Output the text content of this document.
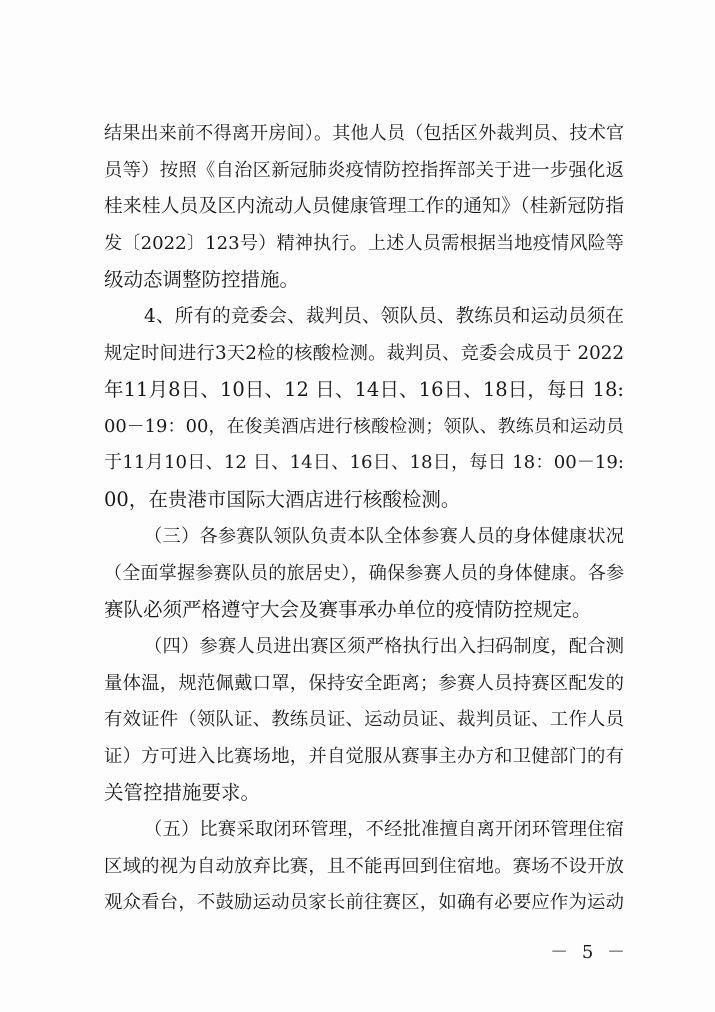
结果出来前不得离开房间）。其他人员（包括区外裁判员、技术官
员等）按照《自治区新冠肺炎疫情防控指挥部关于进一步强化返
桂来桂人员及区内流动人员健康管理工作的通知》（桂新冠防指
发〔2022〕123号）精神执行。上述人员需根据当地疫情风险等
级动态调整防控措施。
4、所有的竞委会、裁判员、领队员、教练员和运动员须在
规定时间进行3天2检的核酸检测。裁判员、竞委会成员于 2022
年11月8日、10日、12 日、14日、16日、18日，每日 18:
00－19：00，在俊美酒店进行核酸检测；领队、教练员和运动员
于11月10日、12 日、14日、16日、18日，每日 18：00－19:
00，在贵港市国际大酒店进行核酸检测。
（三）各参赛队领队负责本队全体参赛人员的身体健康状况
（全面掌握参赛队员的旅居史），确保参赛人员的身体健康。各参
赛队必须严格遵守大会及赛事承办单位的疫情防控规定。
（四）参赛人员进出赛区须严格执行出入扫码制度，配合测
量体温，规范佩戴口罩，保持安全距离；参赛人员持赛区配发的
有效证件（领队证、教练员证、运动员证、裁判员证、工作人员
证）方可进入比赛场地，并自觉服从赛事主办方和卫健部门的有
关管控措施要求。
（五）比赛采取闭环管理，不经批准擅自离开闭环管理住宿
区域的视为自动放弃比赛，且不能再回到住宿地。赛场不设开放
观众看台，不鼓励运动员家长前往赛区，如确有必要应作为运动
－ 5 －
